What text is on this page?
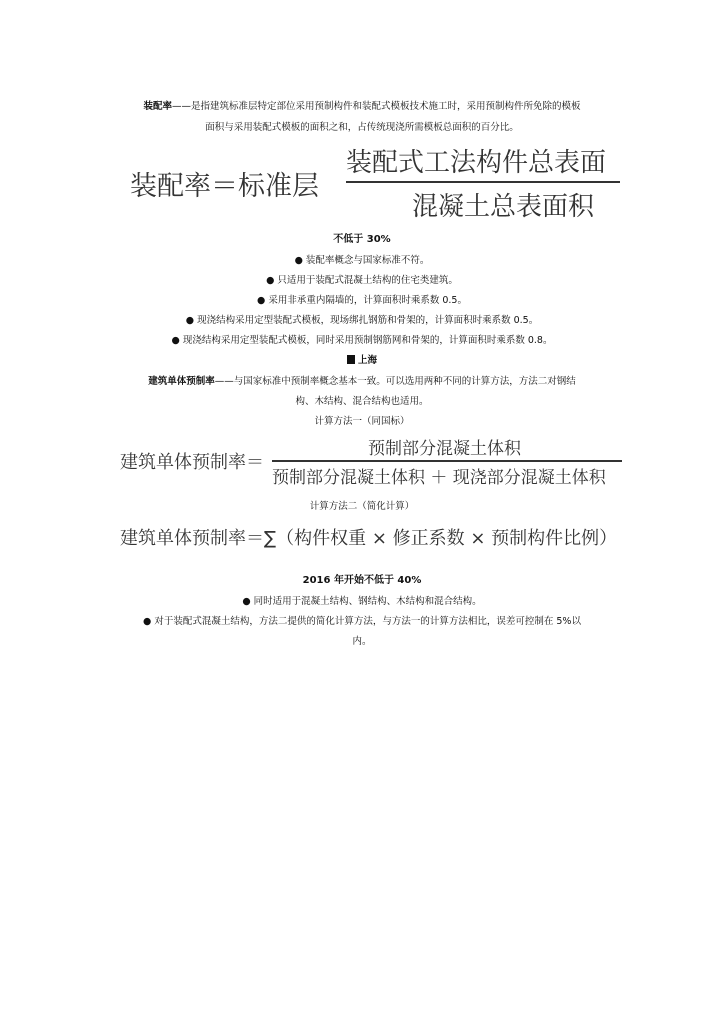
装配率——是指建筑标准层特定部位采用预制构件和装配式模板技术施工时，采用预制构件所免除的模板
面积与采用装配式模板的面积之和，占传统现浇所需模板总面积的百分比。
装配率＝标准层
装配式工法构件总表面
混凝土总表面积
不低于 30%
● 装配率概念与国家标准不符。
● 只适用于装配式混凝土结构的住宅类建筑。
● 采用非承重内隔墙的，计算面积时乘系数 0.5。
● 现浇结构采用定型装配式模板，现场绑扎钢筋和骨架的，计算面积时乘系数 0.5。
● 现浇结构采用定型装配式模板，同时采用预制钢筋网和骨架的，计算面积时乘系数 0.8。
上海
建筑单体预制率——与国家标准中预制率概念基本一致。可以选用两种不同的计算方法，方法二对钢结
构、木结构、混合结构也适用。
计算方法一（同国标）
建筑单体预制率＝
预制部分混凝土体积
预制部分混凝土体积 ＋ 现浇部分混凝土体积
计算方法二（简化计算）
建筑单体预制率＝∑（构件权重 × 修正系数 × 预制构件比例）
2016 年开始不低于 40%
● 同时适用于混凝土结构、钢结构、木结构和混合结构。
● 对于装配式混凝土结构，方法二提供的简化计算方法，与方法一的计算方法相比，误差可控制在 5%以
内。
